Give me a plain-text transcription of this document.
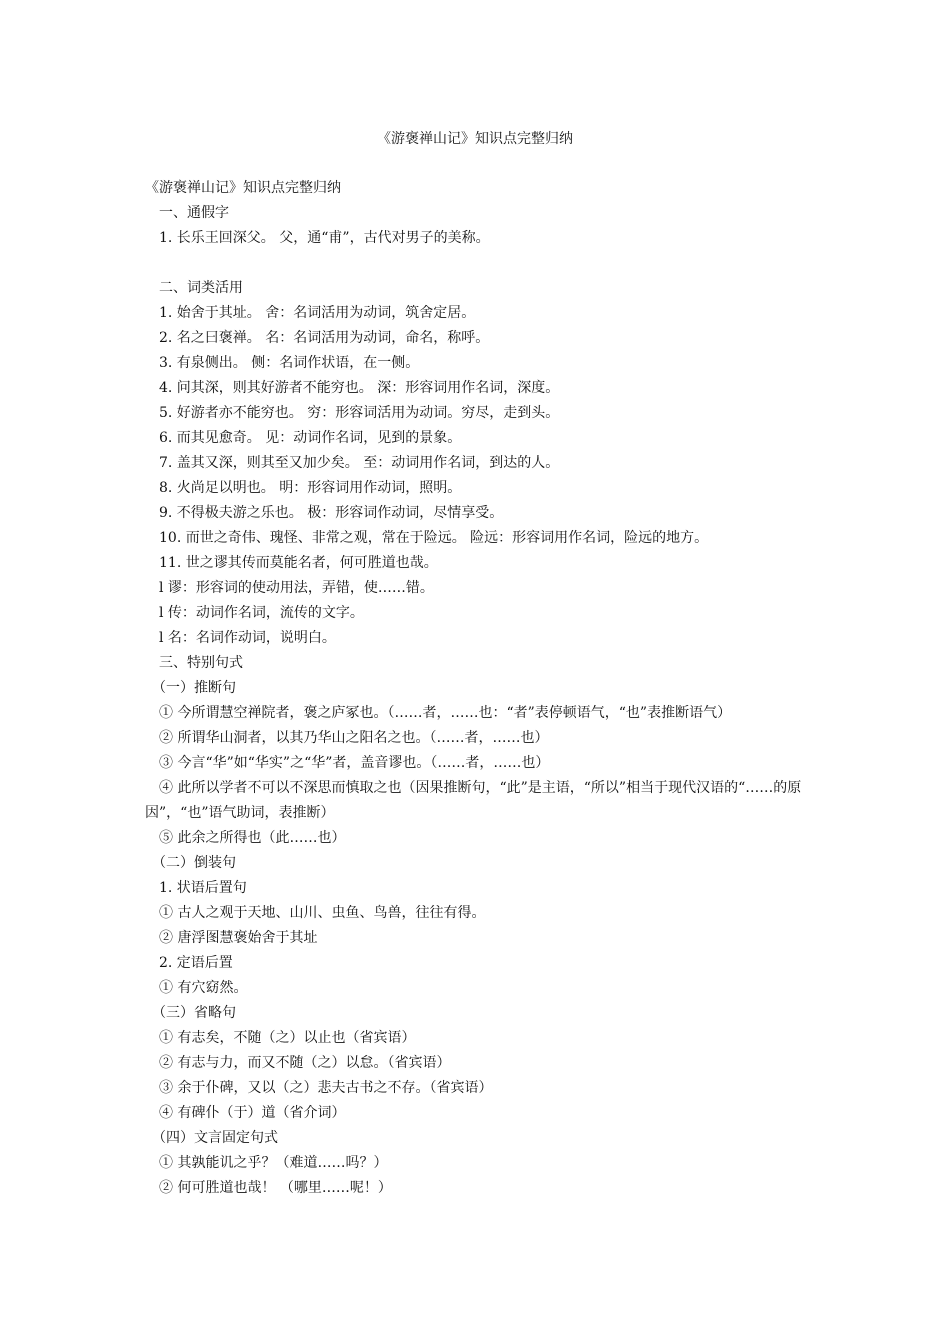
《游褒禅山记》知识点完整归纳
《游褒禅山记》知识点完整归纳
　一、通假字
　1. 长乐王回深父。 父，通“甫”，古代对男子的美称。
　二、词类活用
　1. 始舍于其址。 舍：名词活用为动词，筑舍定居。
　2. 名之曰褒禅。 名：名词活用为动词，命名，称呼。
　3. 有泉侧出。 侧：名词作状语，在一侧。
　4. 问其深，则其好游者不能穷也。 深：形容词用作名词，深度。
　5. 好游者亦不能穷也。 穷：形容词活用为动词。穷尽，走到头。
　6. 而其见愈奇。 见：动词作名词，见到的景象。
　7. 盖其又深，则其至又加少矣。 至：动词用作名词，到达的人。
　8. 火尚足以明也。 明：形容词用作动词，照明。
　9. 不得极夫游之乐也。 极：形容词作动词，尽情享受。
　10. 而世之奇伟、瑰怪、非常之观，常在于险远。 险远：形容词用作名词，险远的地方。
　11. 世之谬其传而莫能名者，何可胜道也哉。
　l 谬：形容词的使动用法，弄错，使……错。
　l 传：动词作名词，流传的文字。
　l 名：名词作动词，说明白。
　三、特别句式
　（一）推断句
　① 今所谓慧空禅院者，褒之庐冢也。（……者，……也：“者”表停顿语气，“也”表推断语气）
　② 所谓华山洞者，以其乃华山之阳名之也。（……者，……也）
　③ 今言“华”如“华实”之“华”者，盖音谬也。（……者，……也）
　④ 此所以学者不可以不深思而慎取之也（因果推断句，“此”是主语，“所以”相当于现代汉语的“……的原因”，“也”语气助词，表推断）
　⑤ 此余之所得也（此……也）
　（二）倒装句
　1. 状语后置句
　① 古人之观于天地、山川、虫鱼、鸟兽，往往有得。
　② 唐浮图慧褒始舍于其址
　2. 定语后置
　① 有穴窈然。
　（三）省略句
　① 有志矣，不随（之）以止也（省宾语）
　② 有志与力，而又不随（之）以怠。（省宾语）
　③ 余于仆碑，又以（之）悲夫古书之不存。（省宾语）
　④ 有碑仆（于）道（省介词）
　（四）文言固定句式
　① 其孰能讥之乎？（难道……吗？）
　② 何可胜道也哉！ （哪里……呢！）
